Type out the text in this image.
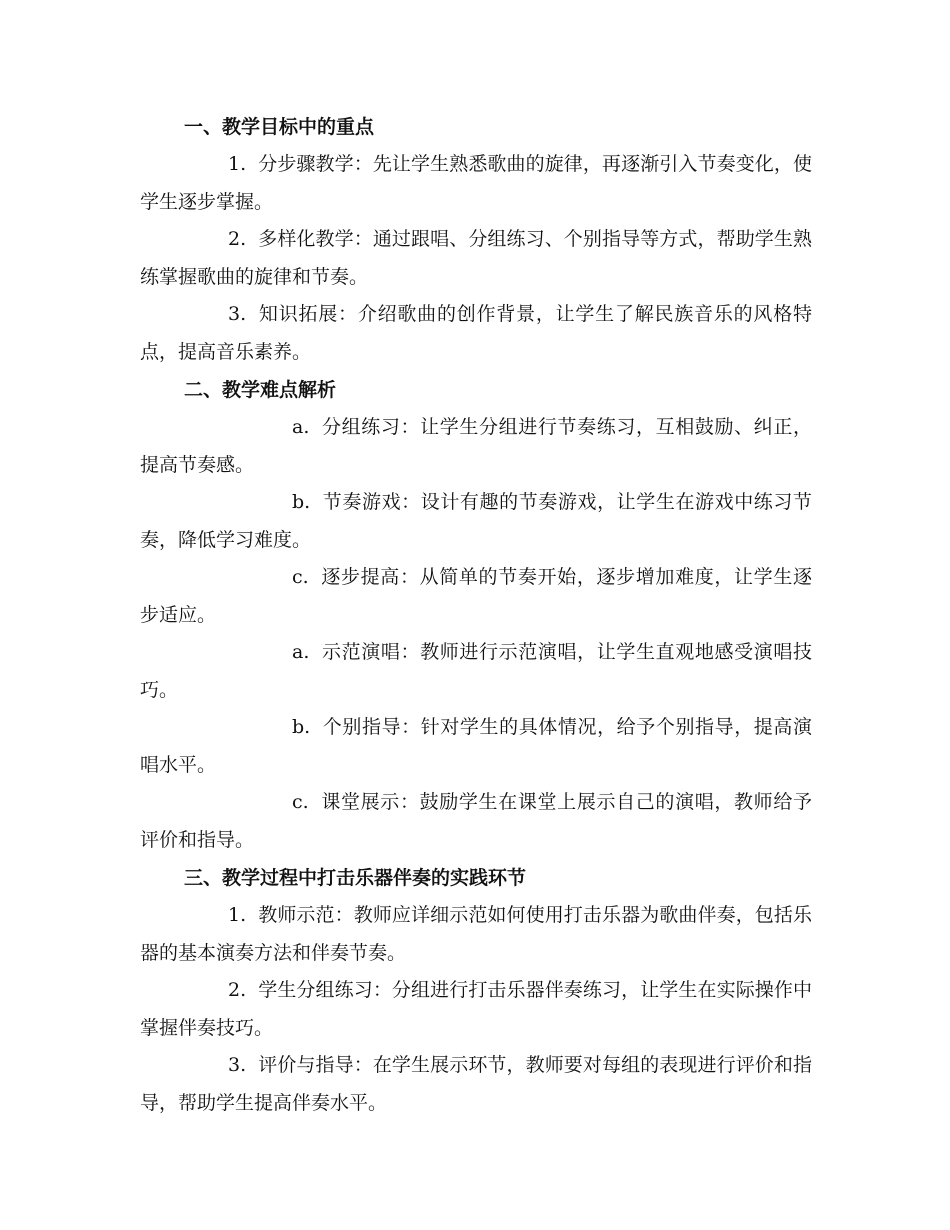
一、教学目标中的重点

1. 分步骤教学：先让学生熟悉歌曲的旋律，再逐渐引入节奏变化，使学生逐步掌握。

2. 多样化教学：通过跟唱、分组练习、个别指导等方式，帮助学生熟练掌握歌曲的旋律和节奏。

3. 知识拓展：介绍歌曲的创作背景，让学生了解民族音乐的风格特点，提高音乐素养。

二、教学难点解析

a. 分组练习：让学生分组进行节奏练习，互相鼓励、纠正，提高节奏感。

b. 节奏游戏：设计有趣的节奏游戏，让学生在游戏中练习节奏，降低学习难度。

c. 逐步提高：从简单的节奏开始，逐步增加难度，让学生逐步适应。

a. 示范演唱：教师进行示范演唱，让学生直观地感受演唱技巧。

b. 个别指导：针对学生的具体情况，给予个别指导，提高演唱水平。

c. 课堂展示：鼓励学生在课堂上展示自己的演唱，教师给予评价和指导。

三、教学过程中打击乐器伴奏的实践环节

1. 教师示范：教师应详细示范如何使用打击乐器为歌曲伴奏，包括乐器的基本演奏方法和伴奏节奏。

2. 学生分组练习：分组进行打击乐器伴奏练习，让学生在实际操作中掌握伴奏技巧。

3. 评价与指导：在学生展示环节，教师要对每组的表现进行评价和指导，帮助学生提高伴奏水平。
